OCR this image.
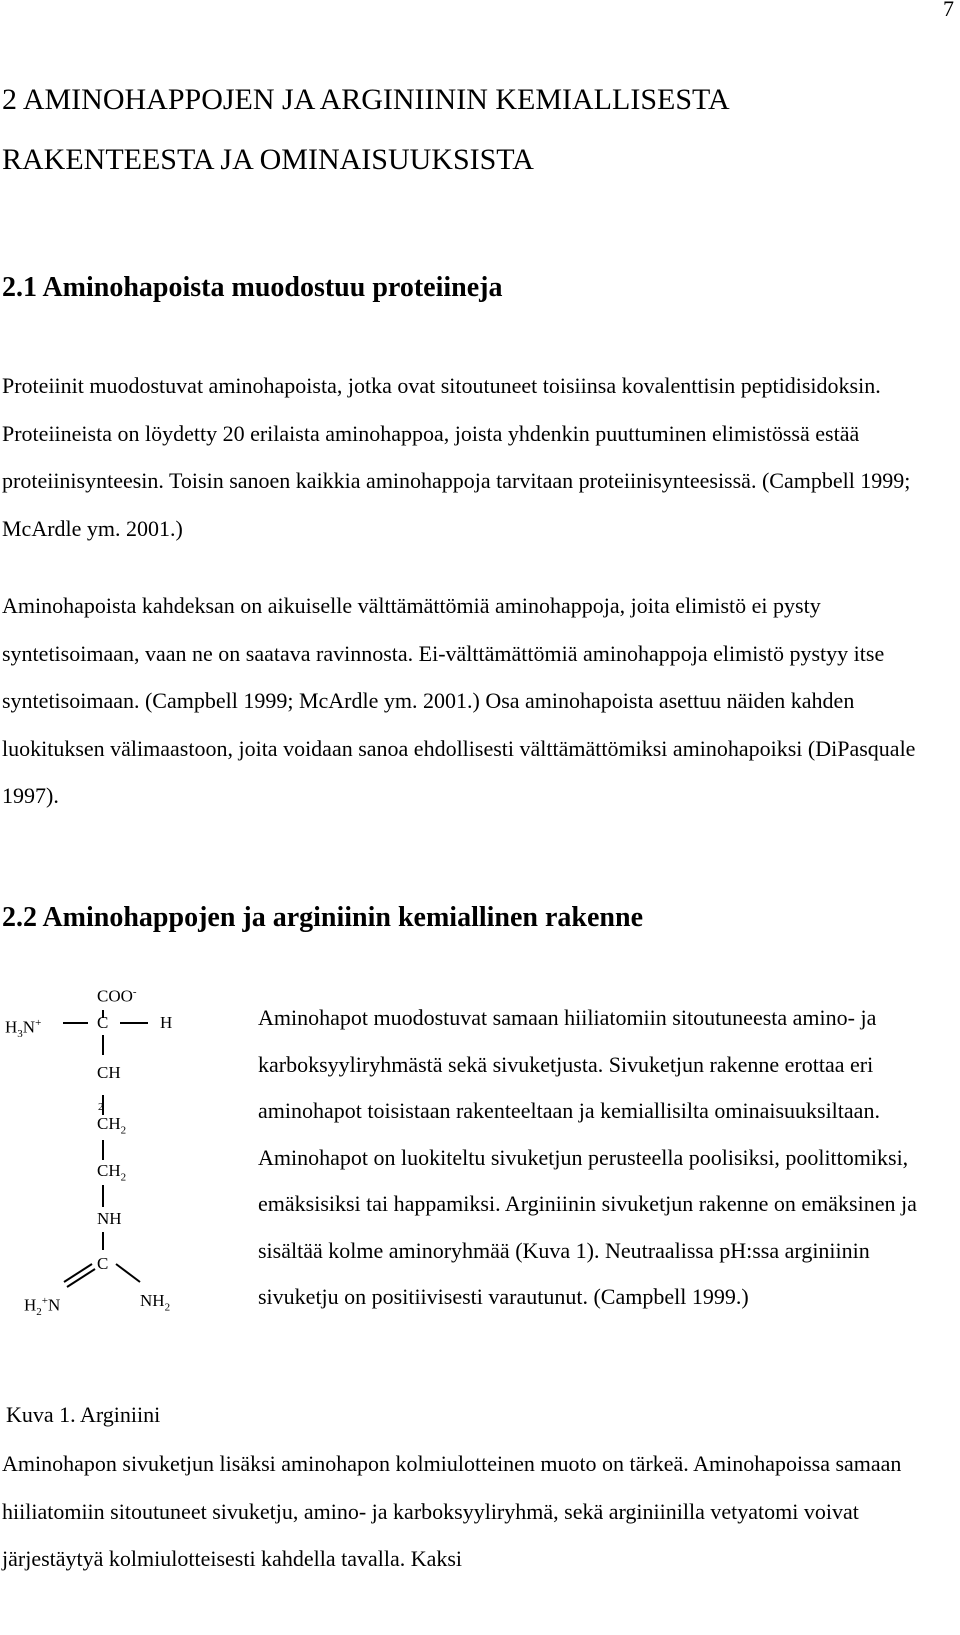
7
2 AMINOHAPPOJEN JA ARGINIININ KEMIALLISESTA
RAKENTEESTA JA OMINAISUUKSISTA
2.1 Aminohapoista muodostuu proteiineja

Proteiinit muodostuvat aminohapoista, jotka ovat sitoutuneet toisiinsa kovalenttisin peptidisidoksin. Proteiineista on löydetty 20 erilaista aminohappoa, joista yhdenkin puuttuminen elimistössä estää proteiinisynteesin. Toisin sanoen kaikkia aminohappoja tarvitaan proteiinisynteesissä. (Campbell 1999; McArdle ym. 2001.)

Aminohapoista kahdeksan on aikuiselle välttämättömiä aminohappoja, joita elimistö ei pysty syntetisoimaan, vaan ne on saatava ravinnosta. Ei-välttämättömiä aminohappoja elimistö pystyy itse syntetisoimaan. (Campbell 1999; McArdle ym. 2001.) Osa aminohapoista asettuu näiden kahden luokituksen välimaastoon, joita voidaan sanoa ehdollisesti välttämättömiksi aminohapoiksi (DiPasquale 1997).

2.2 Aminohappojen ja arginiinin kemiallinen rakenne
COO-
$H_3N^+$	C	H
CH
2
$CH_2$
$CH_2$
NH
C
$H_2^+N$	$NH_2$

Kuva 1. Arginiini

Aminohapot muodostuvat samaan hiiliatomiin sitoutuneesta amino- ja karboksyyliryhmästä sekä sivuketjusta. Sivuketjun rakenne erottaa eri aminohapot toisistaan rakenteeltaan ja kemiallisilta ominaisuuksiltaan. Aminohapot on luokiteltu sivuketjun perusteella poolisiksi, poolittomiksi, emäksisiksi tai happamiksi. Arginiinin sivuketjun rakenne on emäksinen ja sisältää kolme aminoryhmää (Kuva 1). Neutraalissa pH:ssa arginiinin sivuketju on positiivisesti varautunut. (Campbell 1999.)

Aminohapon sivuketjun lisäksi aminohapon kolmiulotteinen muoto on tärkeä. Aminohapoissa samaan hiiliatomiin sitoutuneet sivuketju, amino- ja karboksyyliryhmä, sekä arginiinilla vetyatomi voivat järjestäytyä kolmiulotteisesti kahdella tavalla. Kaksi
